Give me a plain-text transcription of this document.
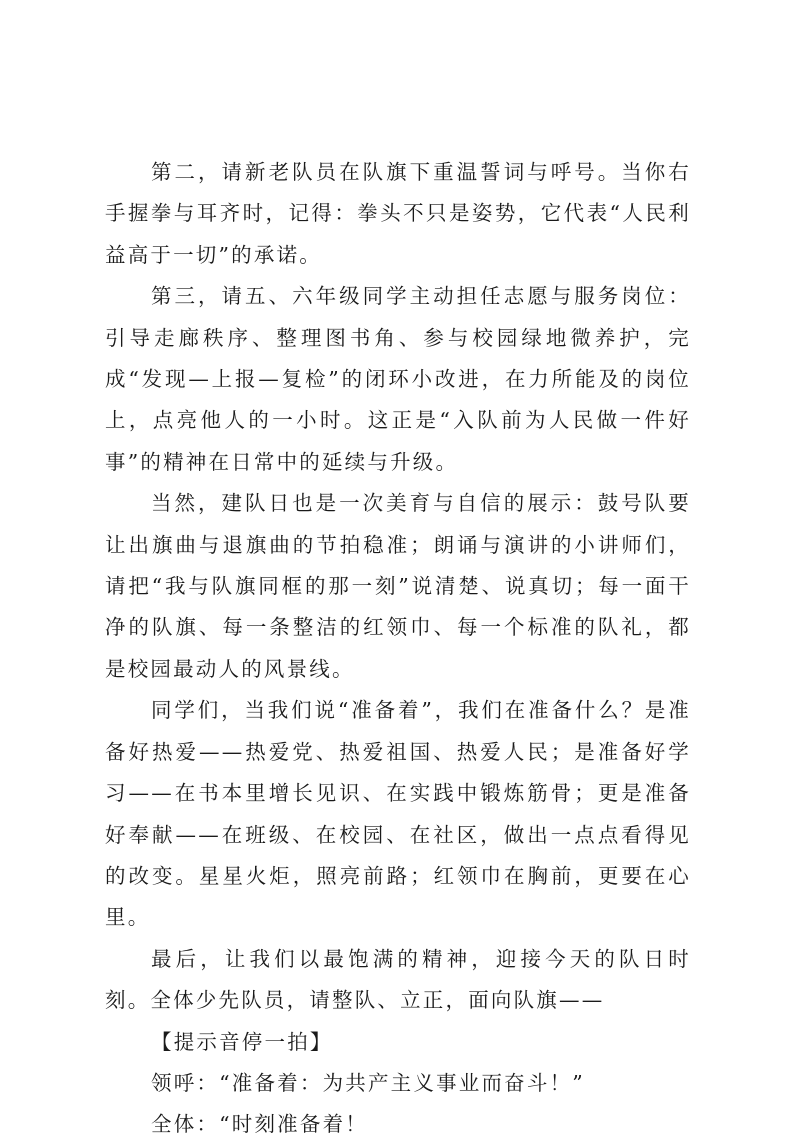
第二，请新老队员在队旗下重温誓词与呼号。当你右手握拳与耳齐时，记得：拳头不只是姿势，它代表“人民利益高于一切”的承诺。

第三，请五、六年级同学主动担任志愿与服务岗位：引导走廊秩序、整理图书角、参与校园绿地微养护，完成“发现—上报—复检”的闭环小改进，在力所能及的岗位上，点亮他人的一小时。这正是“入队前为人民做一件好事”的精神在日常中的延续与升级。

当然，建队日也是一次美育与自信的展示：鼓号队要让出旗曲与退旗曲的节拍稳准；朗诵与演讲的小讲师们，请把“我与队旗同框的那一刻”说清楚、说真切；每一面干净的队旗、每一条整洁的红领巾、每一个标准的队礼，都是校园最动人的风景线。

同学们，当我们说“准备着”，我们在准备什么？是准备好热爱——热爱党、热爱祖国、热爱人民；是准备好学习——在书本里增长见识、在实践中锻炼筋骨；更是准备好奉献——在班级、在校园、在社区，做出一点点看得见的改变。星星火炬，照亮前路；红领巾在胸前，更要在心里。

最后，让我们以最饱满的精神，迎接今天的队日时刻。全体少先队员，请整队、立正，面向队旗——

【提示音停一拍】

领呼：“准备着：为共产主义事业而奋斗！”

全体：“时刻准备着！
